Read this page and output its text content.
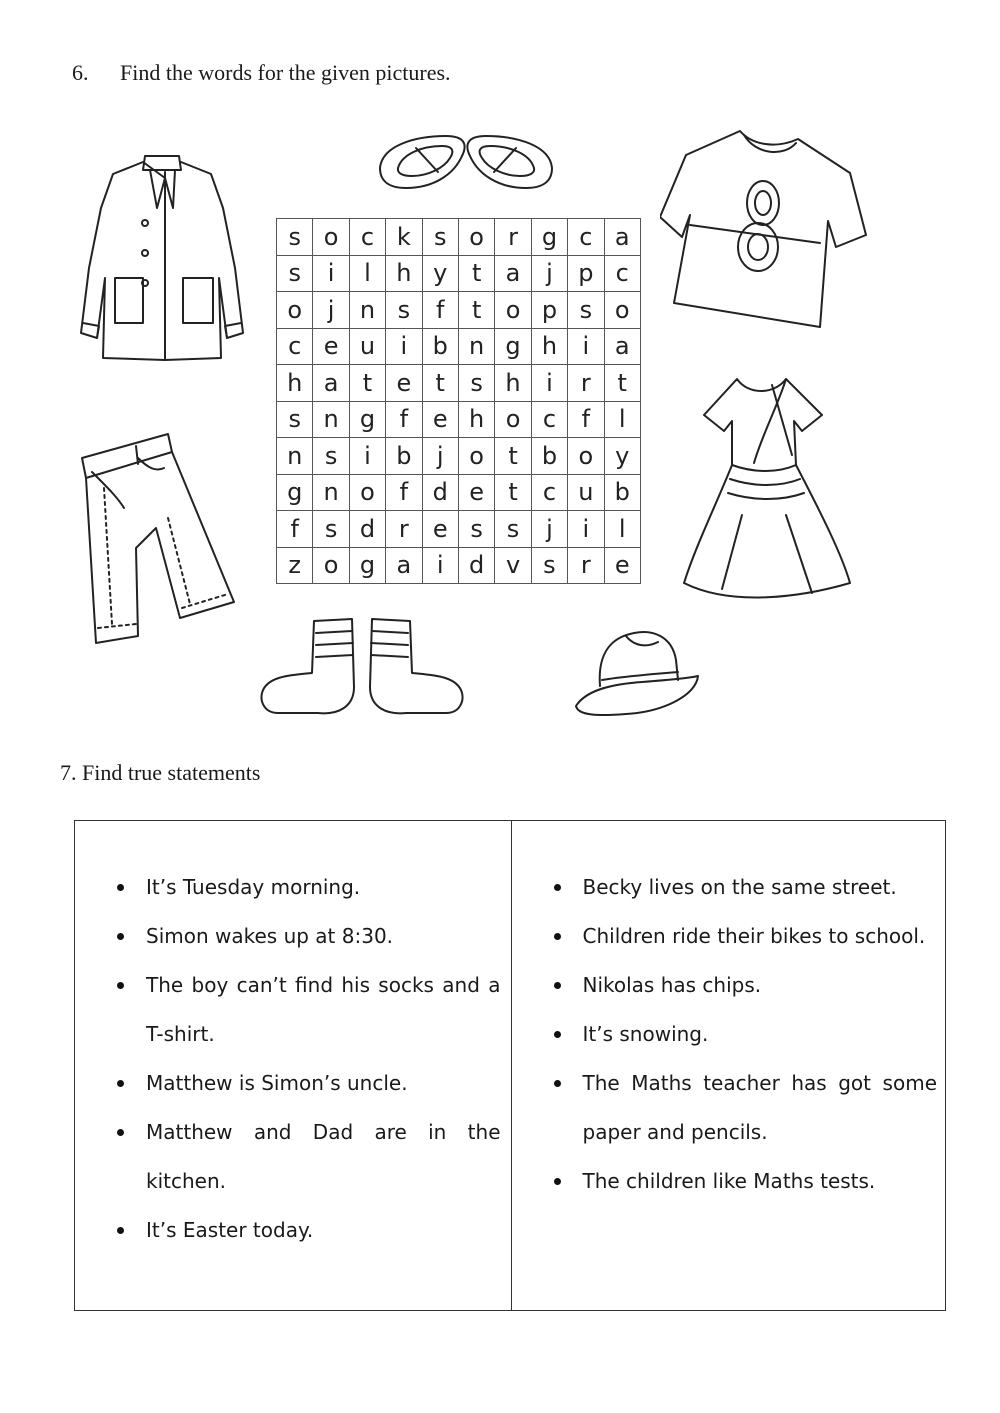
6. Find the words for the given pictures.
s	o	c	k	s	o	r	g	c	a
s	i	l	h	y	t	a	j	p	c
o	j	n	s	f	t	o	p	s	o
c	e	u	i	b	n	g	h	i	a
h	a	t	e	t	s	h	i	r	t
s	n	g	f	e	h	o	c	f	l
n	s	i	b	j	o	t	b	o	y
g	n	o	f	d	e	t	c	u	b
f	s	d	r	e	s	s	j	i	l
z	o	g	a	i	d	v	s	r	e
7. Find true statements
It’s Tuesday morning.
Simon wakes up at 8:30.
The boy can’t find his socks and a T-shirt.
Matthew is Simon’s uncle.
Matthew and Dad are in the kitchen.
It’s Easter today.
Becky lives on the same street.
Children ride their bikes to school.
Nikolas has chips.
It’s snowing.
The Maths teacher has got some paper and pencils.
The children like Maths tests.
